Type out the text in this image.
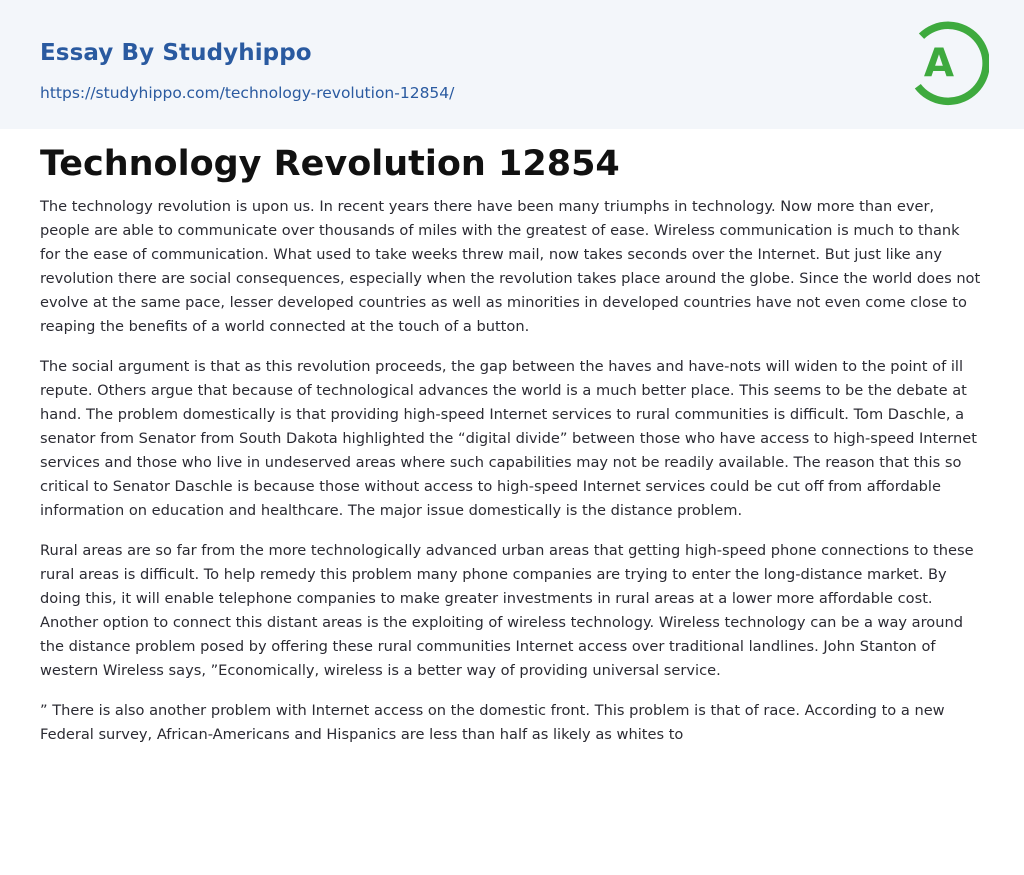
Essay By Studyhippo
https://studyhippo.com/technology-revolution-12854/
A
Technology Revolution 12854

The technology revolution is upon us. In recent years there have been many triumphs in technology. Now more than ever, people are able to communicate over thousands of miles with the greatest of ease. Wireless communication is much to thank for the ease of communication. What used to take weeks threw mail, now takes seconds over the Internet. But just like any revolution there are social consequences, especially when the revolution takes place around the globe. Since the world does not evolve at the same pace, lesser developed countries as well as minorities in developed countries have not even come close to reaping the benefits of a world connected at the touch of a button.

The social argument is that as this revolution proceeds, the gap between the haves and have-nots will widen to the point of ill repute. Others argue that because of technological advances the world is a much better place. This seems to be the debate at hand. The problem domestically is that providing high-speed Internet services to rural communities is difficult. Tom Daschle, a senator from Senator from South Dakota highlighted the “digital divide” between those who have access to high-speed Internet services and those who live in undeserved areas where such capabilities may not be readily available. The reason that this so critical to Senator Daschle is because those without access to high-speed Internet services could be cut off from affordable information on education and healthcare. The major issue domestically is the distance problem.

Rural areas are so far from the more technologically advanced urban areas that getting high-speed phone connections to these rural areas is difficult. To help remedy this problem many phone companies are trying to enter the long-distance market. By doing this, it will enable telephone companies to make greater investments in rural areas at a lower more affordable cost. Another option to connect this distant areas is the exploiting of wireless technology. Wireless technology can be a way around the distance problem posed by offering these rural communities Internet access over traditional landlines. John Stanton of western Wireless says, ”Economically, wireless is a better way of providing universal service.

” There is also another problem with Internet access on the domestic front. This problem is that of race. According to a new Federal survey, African-Americans and Hispanics are less than half as likely as whites to
